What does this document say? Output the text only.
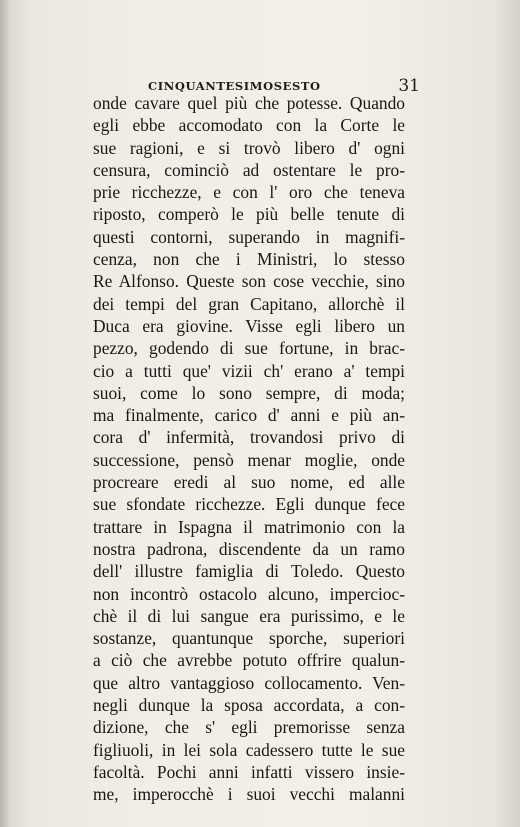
CINQUANTESIMOSESTO	31
onde cavare quel più che potesse. Quando
egli ebbe accomodato con la Corte le
sue ragioni, e si trovò libero d' ogni
censura, cominciò ad ostentare le pro-
prie ricchezze, e con l' oro che teneva
riposto, comperò le più belle tenute di
questi contorni, superando in magnifi-
cenza, non che i Ministri, lo stesso
Re Alfonso. Queste son cose vecchie, sino
dei tempi del gran Capitano, allorchè il
Duca era giovine. Visse egli libero un
pezzo, godendo di sue fortune, in brac-
cio a tutti que' vizii ch' erano a' tempi
suoi, come lo sono sempre, di moda;
ma finalmente, carico d' anni e più an-
cora d' infermità, trovandosi privo di
successione, pensò menar moglie, onde
procreare eredi al suo nome, ed alle
sue sfondate ricchezze. Egli dunque fece
trattare in Ispagna il matrimonio con la
nostra padrona, discendente da un ramo
dell' illustre famiglia di Toledo. Questo
non incontrò ostacolo alcuno, impercioc-
chè il di lui sangue era purissimo, e le
sostanze, quantunque sporche, superiori
a ciò che avrebbe potuto offrire qualun-
que altro vantaggioso collocamento. Ven-
negli dunque la sposa accordata, a con-
dizione, che s' egli premorisse senza
figliuoli, in lei sola cadessero tutte le sue
facoltà. Pochi anni infatti vissero insie-
me, imperocchè i suoi vecchi malanni
